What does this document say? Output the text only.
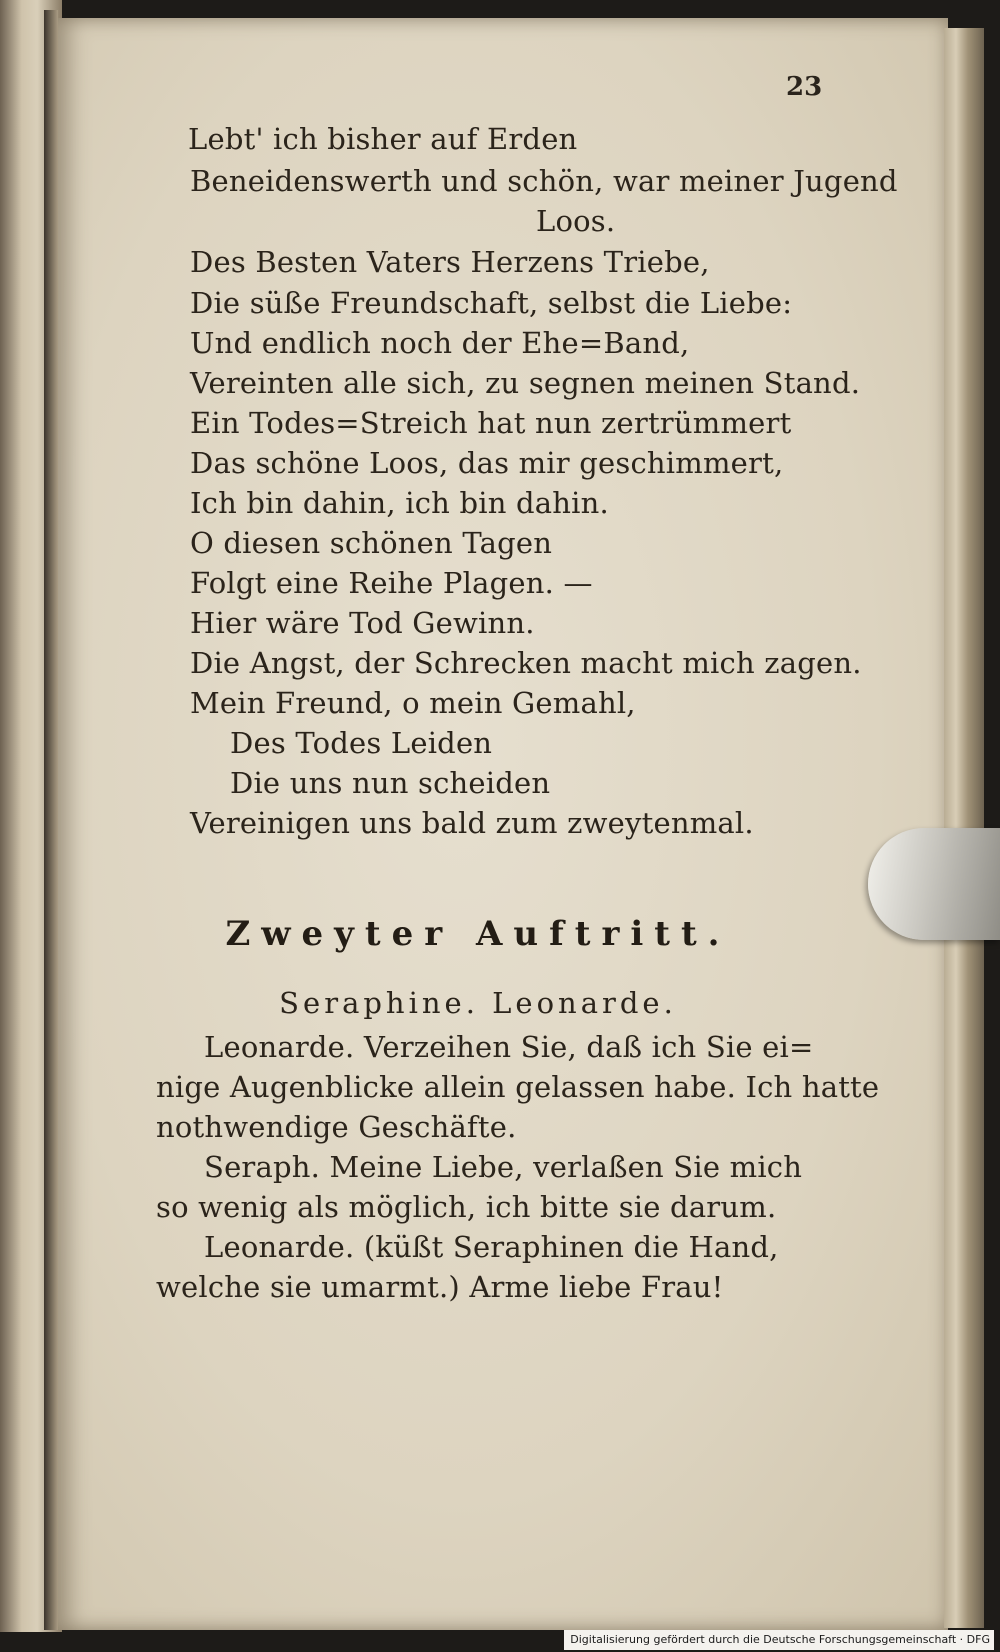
23
Lebt' ich bisher auf Erden
Beneidenswerth und schön, war meiner Jugend
Loos.
Des Besten Vaters Herzens Triebe,
Die süße Freundschaft, selbst die Liebe:
Und endlich noch der Ehe=Band,
Vereinten alle sich, zu segnen meinen Stand.
Ein Todes=Streich hat nun zertrümmert
Das schöne Loos, das mir geschimmert,
Ich bin dahin, ich bin dahin.
O diesen schönen Tagen
Folgt eine Reihe Plagen. —
Hier wäre Tod Gewinn.
Die Angst, der Schrecken macht mich zagen.
Mein Freund, o mein Gemahl,
Des Todes Leiden
Die uns nun scheiden
Vereinigen uns bald zum zweytenmal.
Zweyter Auftritt.
Seraphine. Leonarde.
Leonarde. Verzeihen Sie, daß ich Sie ei=
nige Augenblicke allein gelassen habe. Ich hatte
nothwendige Geschäfte.
Seraph. Meine Liebe, verlaßen Sie mich
so wenig als möglich, ich bitte sie darum.
Leonarde. (küßt Seraphinen die Hand,
welche sie umarmt.) Arme liebe Frau!
Digitalisierung gefördert durch die Deutsche Forschungsgemeinschaft · DFG
